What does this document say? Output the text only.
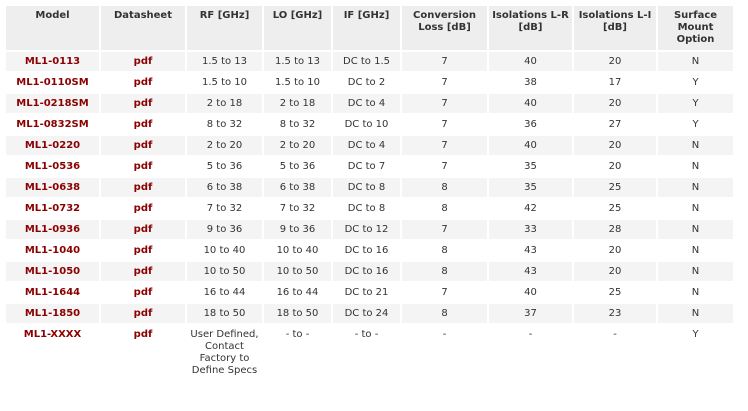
Model	Datasheet	RF [GHz]	LO [GHz]	IF [GHz]	Conversion Loss [dB]	Isolations L-R [dB]	Isolations L-I [dB]	Surface Mount Option
ML1-0113	pdf	1.5 to 13	1.5 to 13	DC to 1.5	7	40	20	N
ML1-0110SM	pdf	1.5 to 10	1.5 to 10	DC to 2	7	38	17	Y
ML1-0218SM	pdf	2 to 18	2 to 18	DC to 4	7	40	20	Y
ML1-0832SM	pdf	8 to 32	8 to 32	DC to 10	7	36	27	Y
ML1-0220	pdf	2 to 20	2 to 20	DC to 4	7	40	20	N
ML1-0536	pdf	5 to 36	5 to 36	DC to 7	7	35	20	N
ML1-0638	pdf	6 to 38	6 to 38	DC to 8	8	35	25	N
ML1-0732	pdf	7 to 32	7 to 32	DC to 8	8	42	25	N
ML1-0936	pdf	9 to 36	9 to 36	DC to 12	7	33	28	N
ML1-1040	pdf	10 to 40	10 to 40	DC to 16	8	43	20	N
ML1-1050	pdf	10 to 50	10 to 50	DC to 16	8	43	20	N
ML1-1644	pdf	16 to 44	16 to 44	DC to 21	7	40	25	N
ML1-1850	pdf	18 to 50	18 to 50	DC to 24	8	37	23	N
ML1-XXXX	pdf	User Defined, Contact Factory to Define Specs	- to -	- to -	-	-	-	Y
